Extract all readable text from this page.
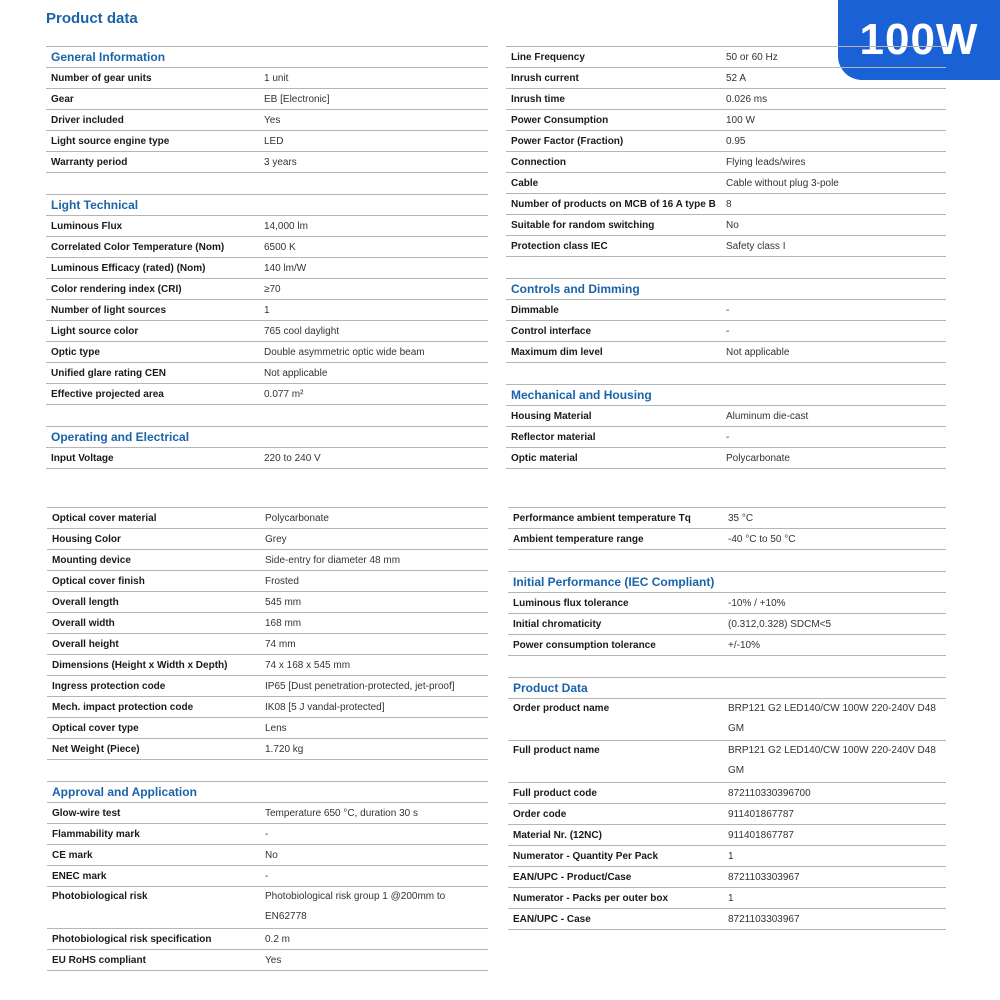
Product data	100W
General Information
Number of gear units	1 unit
Gear	EB [Electronic]
Driver included	Yes
Light source engine type	LED
Warranty period	3 years
Light Technical
Luminous Flux	14,000 lm
Correlated Color Temperature (Nom)	6500 K
Luminous Efficacy (rated) (Nom)	140 lm/W
Color rendering index (CRI)	≥70
Number of light sources	1
Light source color	765 cool daylight
Optic type	Double asymmetric optic wide beam
Unified glare rating CEN	Not applicable
Effective projected area	0.077 m²
Operating and Electrical
Input Voltage	220 to 240 V
Line Frequency	50 or 60 Hz
Inrush current	52 A
Inrush time	0.026 ms
Power Consumption	100 W
Power Factor (Fraction)	0.95
Connection	Flying leads/wires
Cable	Cable without plug 3-pole
Number of products on MCB of 16 A type B	8
Suitable for random switching	No
Protection class IEC	Safety class I
Controls and Dimming
Dimmable	-
Control interface	-
Maximum dim level	Not applicable
Mechanical and Housing
Housing Material	Aluminum die-cast
Reflector material	-
Optic material	Polycarbonate
Optical cover material	Polycarbonate
Housing Color	Grey
Mounting device	Side-entry for diameter 48 mm
Optical cover finish	Frosted
Overall length	545 mm
Overall width	168 mm
Overall height	74 mm
Dimensions (Height x Width x Depth)	74 x 168 x 545 mm
Ingress protection code	IP65 [Dust penetration-protected, jet-proof]
Mech. impact protection code	IK08 [5 J vandal-protected]
Optical cover type	Lens
Net Weight (Piece)	1.720 kg
Approval and Application
Glow-wire test	Temperature 650 °C, duration 30 s
Flammability mark	-
CE mark	No
ENEC mark	-
Photobiological risk	Photobiological risk group 1 @200mm to EN62778
Photobiological risk specification	0.2 m
EU RoHS compliant	Yes
Performance ambient temperature Tq	35 °C
Ambient temperature range	-40 °C to 50 °C
Initial Performance (IEC Compliant)
Luminous flux tolerance	-10% / +10%
Initial chromaticity	(0.312,0.328) SDCM<5
Power consumption tolerance	+/-10%
Product Data
Order product name	BRP121 G2 LED140/CW 100W 220-240V D48 GM
Full product name	BRP121 G2 LED140/CW 100W 220-240V D48 GM
Full product code	872110330396700
Order code	911401867787
Material Nr. (12NC)	911401867787
Numerator - Quantity Per Pack	1
EAN/UPC - Product/Case	8721103303967
Numerator - Packs per outer box	1
EAN/UPC - Case	8721103303967
